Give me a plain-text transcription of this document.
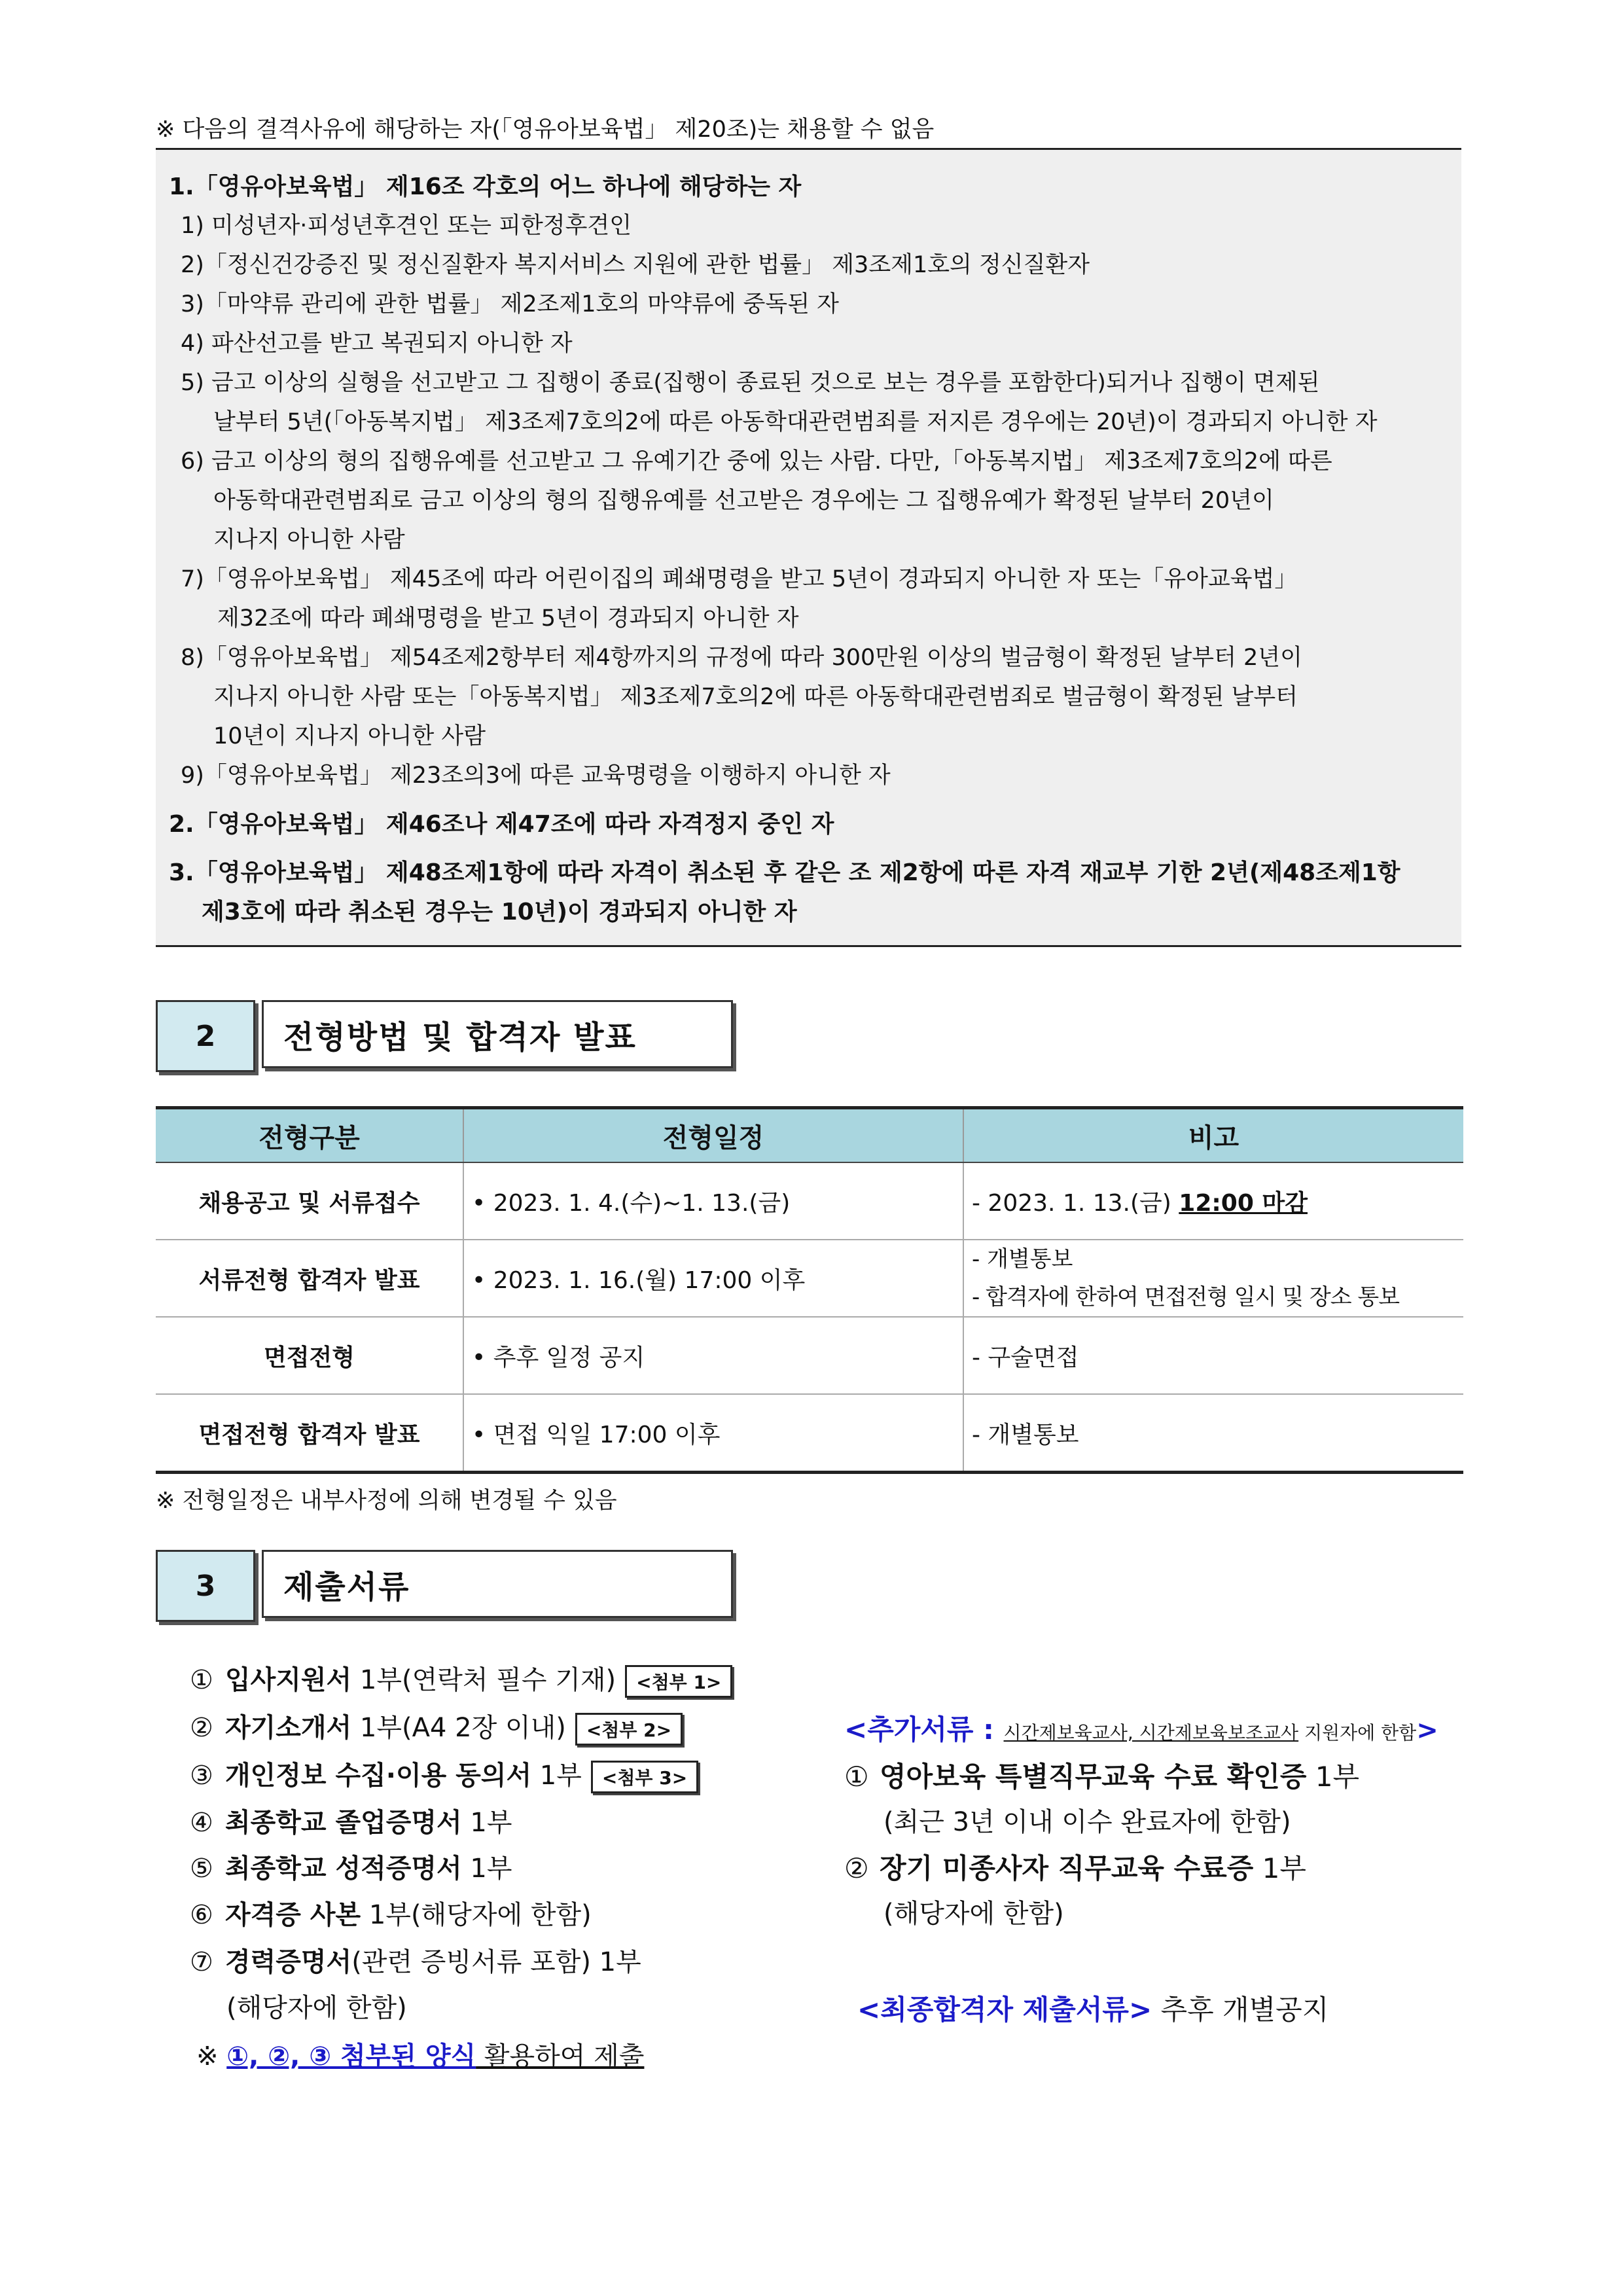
※ 다음의 결격사유에 해당하는 자(「영유아보육법」 제20조)는 채용할 수 없음
1.「영유아보육법」 제16조 각호의 어느 하나에 해당하는 자
1) 미성년자·피성년후견인 또는 피한정후견인
2)「정신건강증진 및 정신질환자 복지서비스 지원에 관한 법률」 제3조제1호의 정신질환자
3)「마약류 관리에 관한 법률」 제2조제1호의 마약류에 중독된 자
4) 파산선고를 받고 복권되지 아니한 자
5) 금고 이상의 실형을 선고받고 그 집행이 종료(집행이 종료된 것으로 보는 경우를 포함한다)되거나 집행이 면제된
날부터 5년(「아동복지법」 제3조제7호의2에 따른 아동학대관련범죄를 저지른 경우에는 20년)이 경과되지 아니한 자
6) 금고 이상의 형의 집행유예를 선고받고 그 유예기간 중에 있는 사람. 다만,「아동복지법」 제3조제7호의2에 따른
아동학대관련범죄로 금고 이상의 형의 집행유예를 선고받은 경우에는 그 집행유예가 확정된 날부터 20년이
지나지 아니한 사람
7)「영유아보육법」 제45조에 따라 어린이집의 폐쇄명령을 받고 5년이 경과되지 아니한 자 또는「유아교육법」
제32조에 따라 폐쇄명령을 받고 5년이 경과되지 아니한 자
8)「영유아보육법」 제54조제2항부터 제4항까지의 규정에 따라 300만원 이상의 벌금형이 확정된 날부터 2년이
지나지 아니한 사람 또는「아동복지법」 제3조제7호의2에 따른 아동학대관련범죄로 벌금형이 확정된 날부터
10년이 지나지 아니한 사람
9)「영유아보육법」 제23조의3에 따른 교육명령을 이행하지 아니한 자
2.「영유아보육법」 제46조나 제47조에 따라 자격정지 중인 자
3.「영유아보육법」 제48조제1항에 따라 자격이 취소된 후 같은 조 제2항에 따른 자격 재교부 기한 2년(제48조제1항
제3호에 따라 취소된 경우는 10년)이 경과되지 아니한 자
2	전형방법 및 합격자 발표
전형구분	전형일정	비고
채용공고 및 서류접수	• 2023. 1. 4.(수)~1. 13.(금)	- 2023. 1. 13.(금) 12:00 마감
서류전형 합격자 발표	• 2023. 1. 16.(월) 17:00 이후	- 개별통보
- 합격자에 한하여 면접전형 일시 및 장소 통보

면접전형	• 추후 일정 공지	- 구술면접
면접전형 합격자 발표	• 면접 익일 17:00 이후	- 개별통보
※ 전형일정은 내부사정에 의해 변경될 수 있음
3	제출서류
① 입사지원서 1부(연락처 필수 기재) <첨부 1>
② 자기소개서 1부(A4 2장 이내) <첨부 2>
③ 개인정보 수집·이용 동의서 1부 <첨부 3>
④ 최종학교 졸업증명서 1부
⑤ 최종학교 성적증명서 1부
⑥ 자격증 사본 1부(해당자에 한함)
⑦ 경력증명서(관련 증빙서류 포함) 1부
(해당자에 한함)
※ ①, ②, ③ 첨부된 양식 활용하여 제출
<추가서류 : 시간제보육교사, 시간제보육보조교사 지원자에 한함>
① 영아보육 특별직무교육 수료 확인증 1부
(최근 3년 이내 이수 완료자에 한함)
② 장기 미종사자 직무교육 수료증 1부
(해당자에 한함)
<최종합격자 제출서류> 추후 개별공지
